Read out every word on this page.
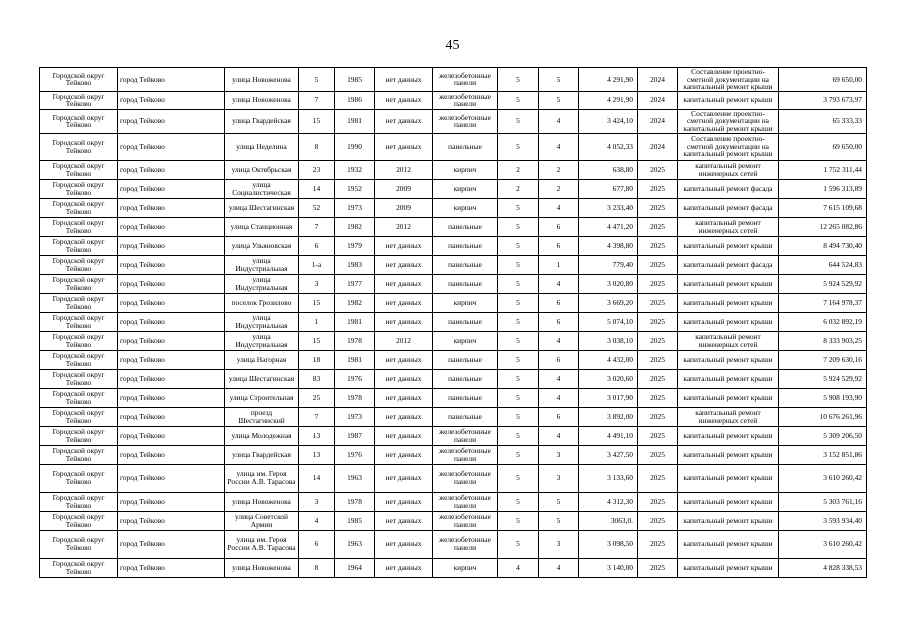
45
Городской округ Тейково	город Тейково	улица Новоженова	5	1985	нет данных	железобетонные панели	5	5	4 291,90	2024	Составление проектно-сметной документации на капитальный ремонт крыши	69 650,00
Городской округ Тейково	город Тейково	улица Новоженова	7	1986	нет данных	железобетонные панели	5	5	4 291,90	2024	капитальный ремонт крыши	3 793 673,97
Городской округ Тейково	город Тейково	улица Гвардейская	15	1981	нет данных	железобетонные панели	5	4	3 424,10	2024	Составление проектно-сметной документации на капитальный ремонт крыши	65 333,33
Городской округ Тейково	город Тейково	улица Неделина	8	1990	нет данных	панельные	5	4	4 052,33	2024	Составление проектно-сметной документации на капитальный ремонт крыши	69 650,00
Городской округ Тейково	город Тейково	улица Октябрьская	23	1932	2012	кирпич	2	2	638,80	2025	капитальный ремонт инженерных сетей	1 752 311,44
Городской округ Тейково	город Тейково	улица Социалистическая	14	1952	2009	кирпич	2	2	677,80	2025	капитальный ремонт фасада	1 596 313,89
Городской округ Тейково	город Тейково	улица Шестагинская	52	1973	2009	кирпич	5	4	3 233,40	2025	капитальный ремонт фасада	7 615 109,68
Городской округ Тейково	город Тейково	улица Станционная	7	1982	2012	панельные	5	6	4 471,20	2025	капитальный ремонт инженерных сетей	12 265 082,86
Городской округ Тейково	город Тейково	улица Ульяновская	6	1979	нет данных	панельные	5	6	4 398,80	2025	капитальный ремонт крыши	8 494 730,40
Городской округ Тейково	город Тейково	улица Индустриальная	1-а	1983	нет данных	панельные	5	1	779,40	2025	капитальный ремонт фасада	644 524,83
Городской округ Тейково	город Тейково	улица Индустриальная	3	1977	нет данных	панельные	5	4	3 020,80	2025	капитальный ремонт крыши	5 924 529,92
Городской округ Тейково	город Тейково	поселок Грозилово	15	1982	нет данных	кирпич	5	6	3 669,20	2025	капитальный ремонт крыши	7 164 978,37
Городской округ Тейково	город Тейково	улица Индустриальная	1	1981	нет данных	панельные	5	6	5 074,10	2025	капитальный ремонт крыши	6 032 892,19
Городской округ Тейково	город Тейково	улица Индустриальная	15	1978	2012	кирпич	5	4	3 038,10	2025	капитальный ремонт инженерных сетей	8 333 903,25
Городской округ Тейково	город Тейково	улица Нагорная	18	1981	нет данных	панельные	5	6	4 432,00	2025	капитальный ремонт крыши	7 209 630,16
Городской округ Тейково	город Тейково	улица Шестагинская	83	1976	нет данных	панельные	5	4	3 020,60	2025	капитальный ремонт крыши	5 924 529,92
Городской округ Тейково	город Тейково	улица Строительная	25	1978	нет данных	панельные	5	4	3 017,90	2025	капитальный ремонт крыши	5 908 193,90
Городской округ Тейково	город Тейково	проезд Шестагинский	7	1973	нет данных	панельные	5	6	3 892,00	2025	капитальный ремонт инженерных сетей	10 676 261,96
Городской округ Тейково	город Тейково	улица Молодежная	13	1987	нет данных	железобетонные панели	5	4	4 491,10	2025	капитальный ремонт крыши	5 309 206,50
Городской округ Тейково	город Тейково	улица Гвардейская	13	1976	нет данных	железобетонные панели	5	3	3 427,50	2025	капитальный ремонт крыши	3 152 851,86
Городской округ Тейково	город Тейково	улица им. Героя России А.В. Тарасова	14	1963	нет данных	железобетонные панели	5	3	3 133,60	2025	капитальный ремонт крыши	3 610 260,42
Городской округ Тейково	город Тейково	улица Новоженова	3	1978	нет данных	железобетонные панели	5	5	4 312,30	2025	капитальный ремонт крыши	5 303 761,16
Городской округ Тейково	город Тейково	улица Советской Армии	4	1985	нет данных	железобетонные панели	5	5	3063,0.	2025	капитальный ремонт крыши	3 593 934,40
Городской округ Тейково	город Тейково	улица им. Героя России А.В. Тарасова	6	1963	нет данных	железобетонные панели	5	3	3 098,50	2025	капитальный ремонт крыши	3 610 260,42
Городской округ Тейково	город Тейково	улица Новоженова	8	1964	нет данных	кирпич	4	4	3 140,00	2025	капитальный ремонт крыши	4 828 338,53
